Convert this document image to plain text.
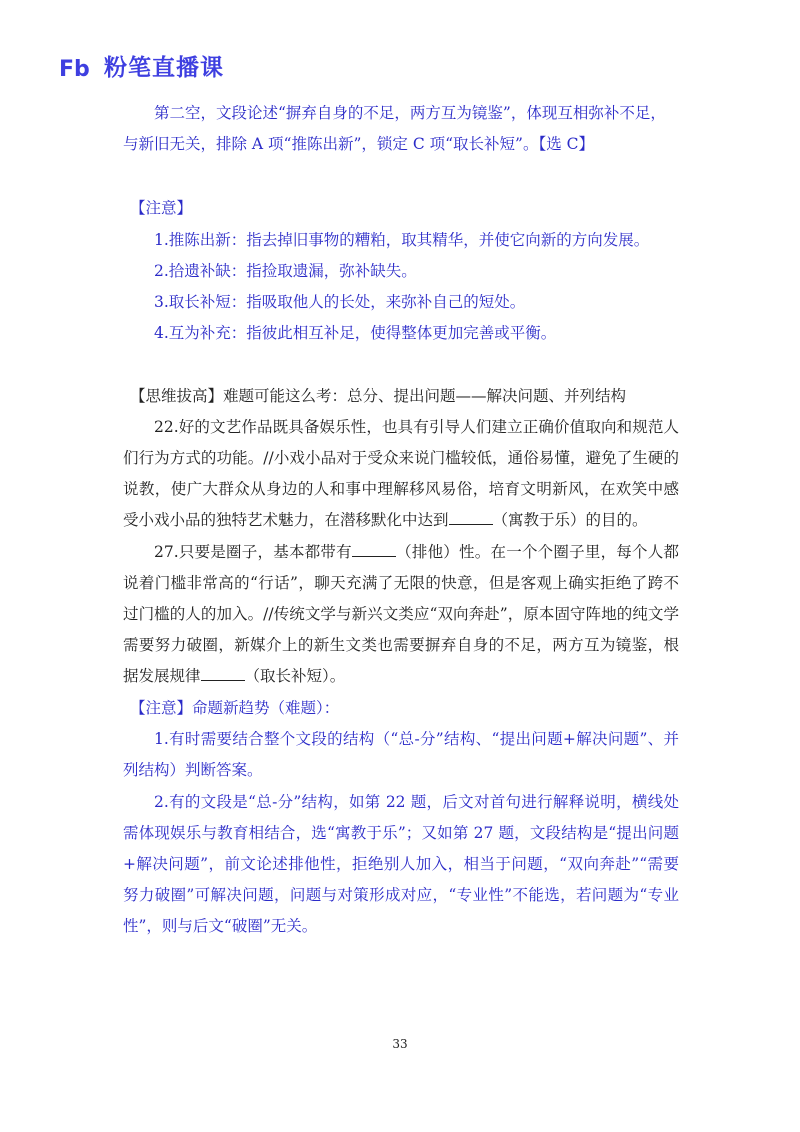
Fb 粉笔直播课

第二空，文段论述“摒弃自身的不足，两方互为镜鉴”，体现互相弥补不足，

与新旧无关，排除 A 项“推陈出新”，锁定 C 项“取长补短”。【选 C】

【注意】

1.推陈出新：指去掉旧事物的糟粕，取其精华，并使它向新的方向发展。

2.拾遗补缺：指捡取遗漏，弥补缺失。

3.取长补短：指吸取他人的长处，来弥补自己的短处。

4.互为补充：指彼此相互补足，使得整体更加完善或平衡。

【思维拔高】难题可能这么考：总分、提出问题——解决问题、并列结构

22.好的文艺作品既具备娱乐性，也具有引导人们建立正确价值取向和规范人们行为方式的功能。//小戏小品对于受众来说门槛较低，通俗易懂，避免了生硬的说教，使广大群众从身边的人和事中理解移风易俗，培育文明新风，在欢笑中感受小戏小品的独特艺术魅力，在潜移默化中达到	（寓教于乐）的目的。

27.只要是圈子，基本都带有	（排他）性。在一个个圈子里，每个人都说着门槛非常高的“行话”，聊天充满了无限的快意，但是客观上确实拒绝了跨不过门槛的人的加入。//传统文学与新兴文类应“双向奔赴”，原本固守阵地的纯文学需要努力破圈，新媒介上的新生文类也需要摒弃自身的不足，两方互为镜鉴，根据发展规律	（取长补短）。

【注意】命题新趋势（难题）：

1.有时需要结合整个文段的结构（“总-分”结构、“提出问题+解决问题”、并列结构）判断答案。

2.有的文段是“总-分”结构，如第 22 题，后文对首句进行解释说明，横线处需体现娱乐与教育相结合，选“寓教于乐”；又如第 27 题，文段结构是“提出问题+解决问题”，前文论述排他性，拒绝别人加入，相当于问题，“双向奔赴”“需要努力破圈”可解决问题，问题与对策形成对应，“专业性”不能选，若问题为“专业性”，则与后文“破圈”无关。

33
